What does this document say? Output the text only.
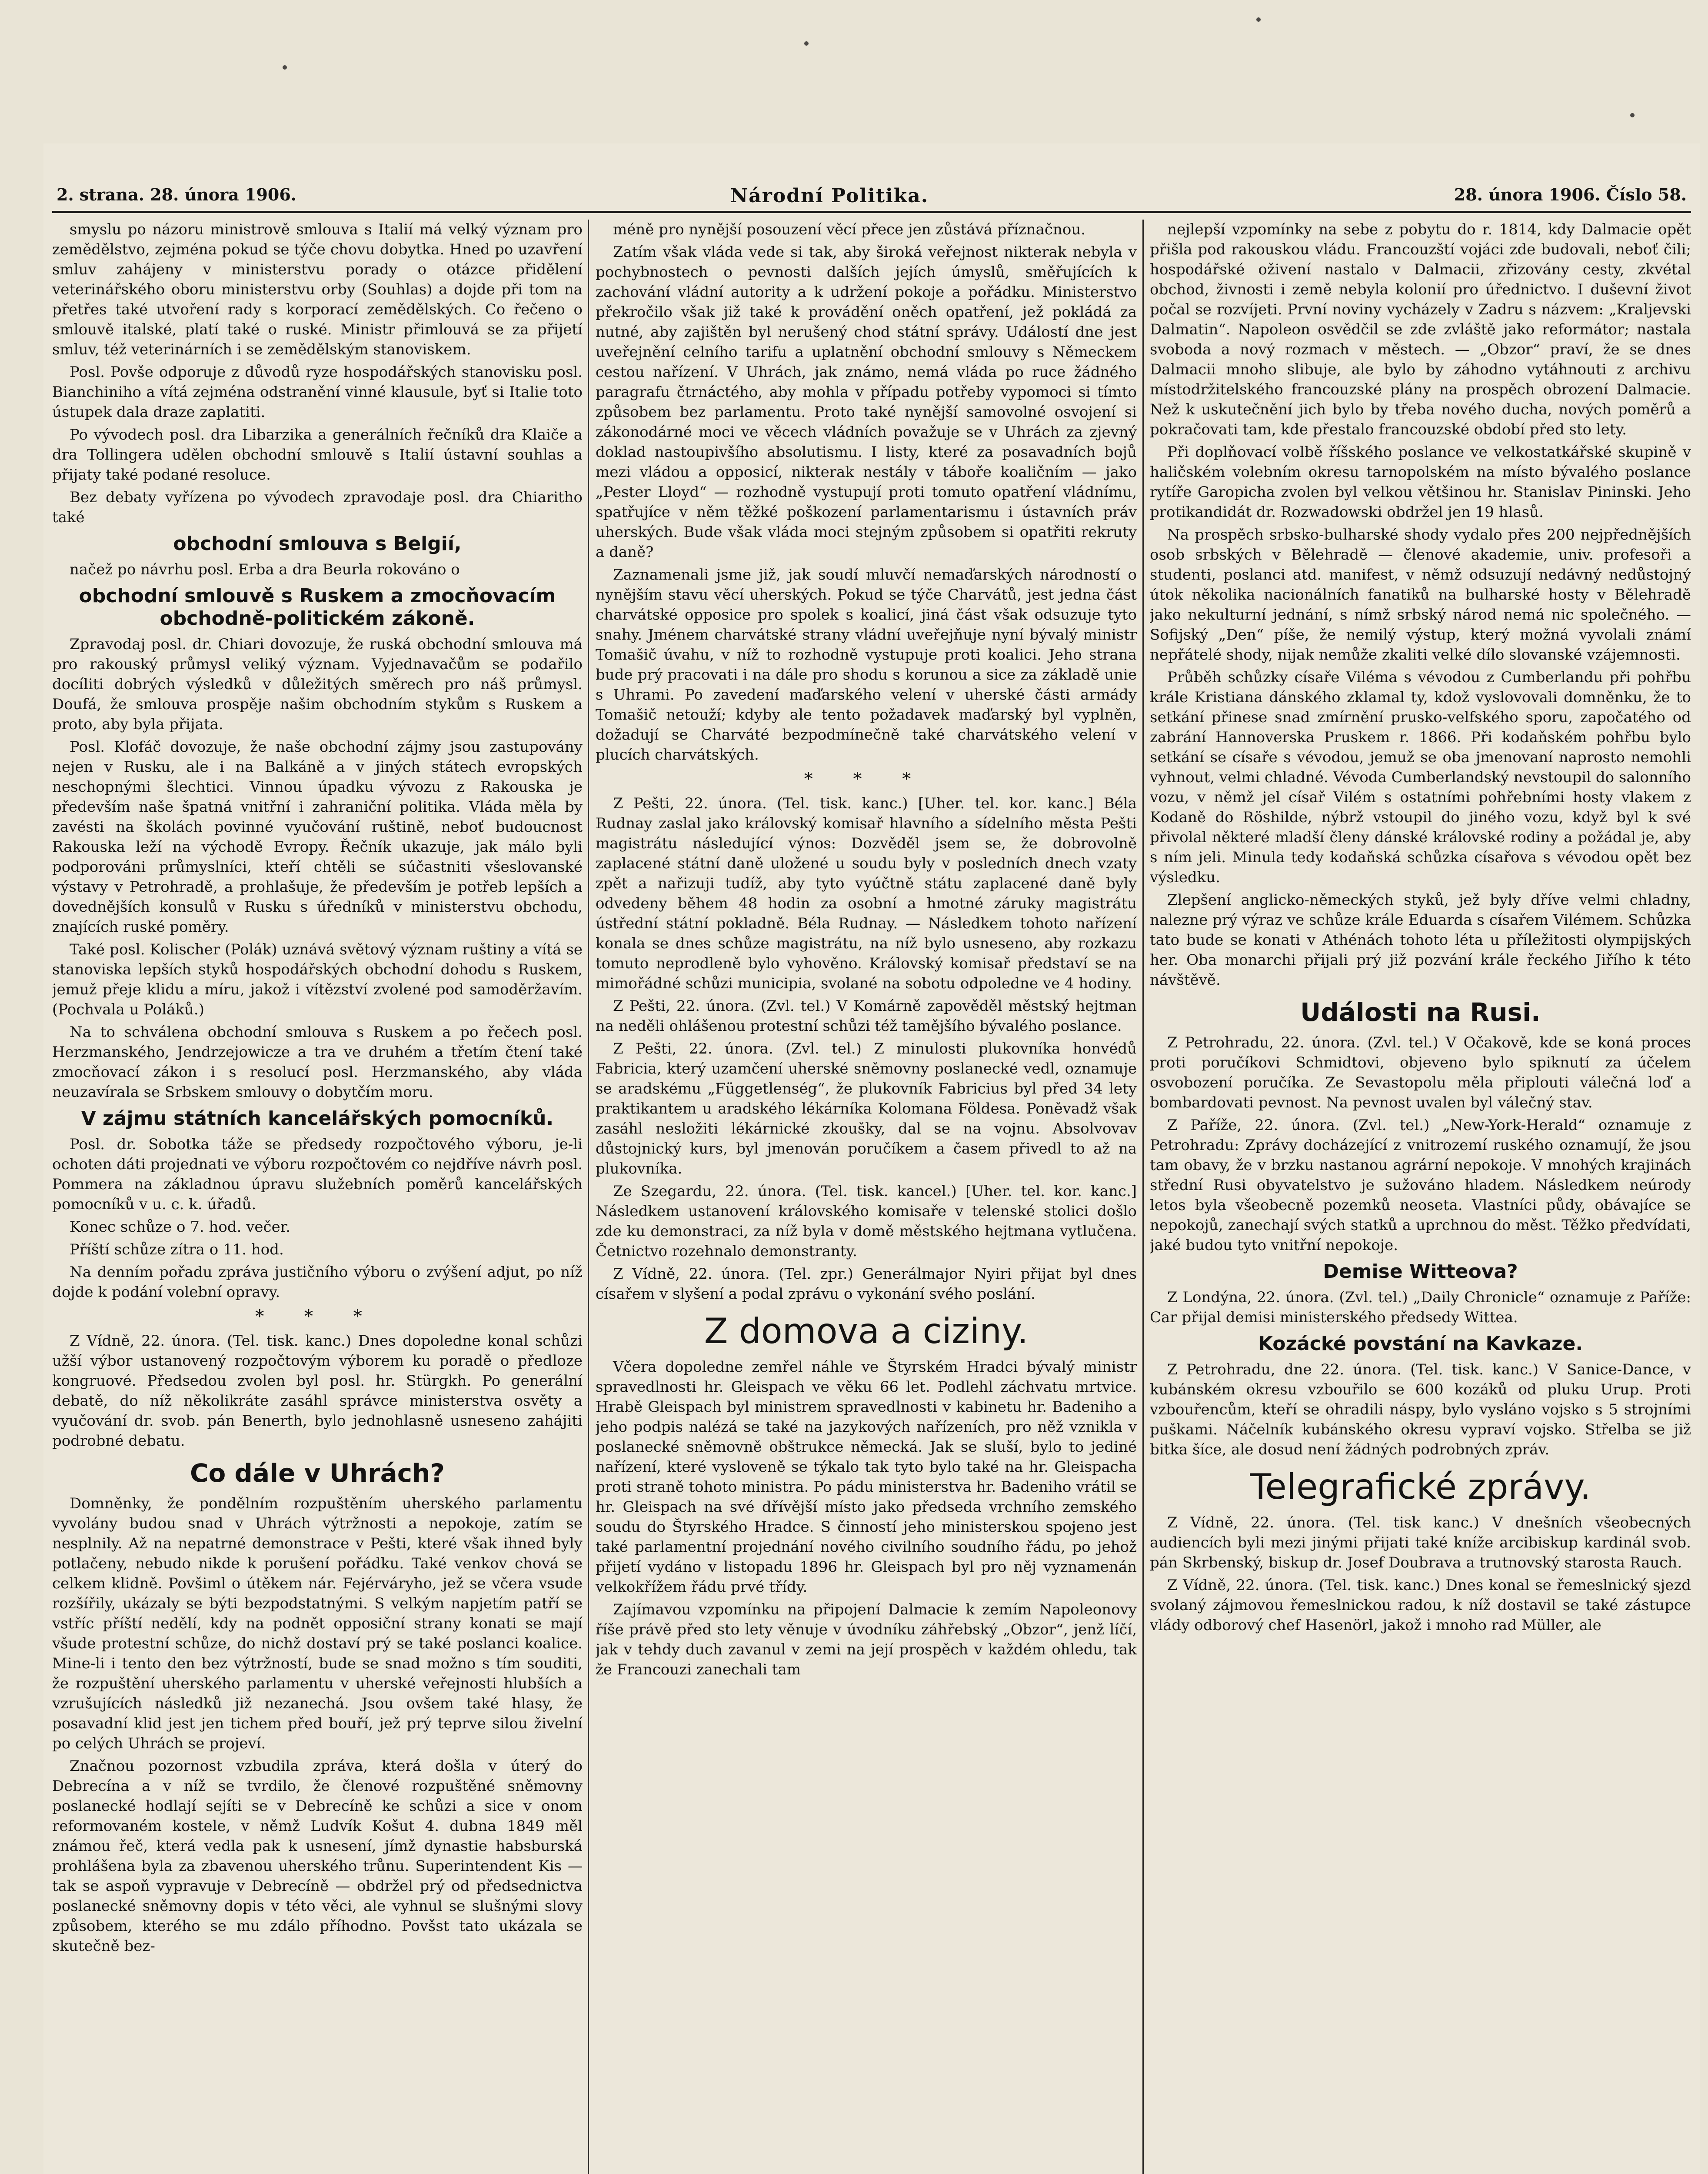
2. strana. 28. února 1906.	Národní Politika.	28. února 1906. Číslo 58.

smyslu po názoru ministrově smlouva s Italií má velký význam pro zemědělstvo, zejména pokud se týče chovu dobytka. Hned po uzavření smluv zahájeny v ministerstvu porady o otázce přidělení veterinářského oboru ministerstvu orby (Souhlas) a dojde při tom na přetřes také utvoření rady s korporací zemědělských. Co řečeno o smlouvě italské, platí také o ruské. Ministr přimlouvá se za přijetí smluv, též veterinárních i se zemědělským stanoviskem.

Posl. Povše odporuje z důvodů ryze hospodářských stanovisku posl. Bianchiniho a vítá zejména odstranění vinné klausule, byť si Italie toto ústupek dala draze zaplatiti.

Po vývodech posl. dra Libarzika a generálních řečníků dra Klaiče a dra Tollingera udělen obchodní smlouvě s Italií ústavní souhlas a přijaty také podané resoluce.

Bez debaty vyřízena po vývodech zpravodaje posl. dra Chiaritho také

obchodní smlouva s Belgií,

načež po návrhu posl. Erba a dra Beurla rokováno o

obchodní smlouvě s Ruskem a zmocňovacím obchodně-politickém zákoně.

Zpravodaj posl. dr. Chiari dovozuje, že ruská obchodní smlouva má pro rakouský průmysl veliký význam. Vyjednavačům se podařilo docíliti dobrých výsledků v důležitých směrech pro náš průmysl. Doufá, že smlouva prospěje našim obchodním stykům s Ruskem a proto, aby byla přijata.

Posl. Klofáč dovozuje, že naše obchodní zájmy jsou zastupovány nejen v Rusku, ale i na Balkáně a v jiných státech evropských neschopnými šlechtici. Vinnou úpadku vývozu z Rakouska je především naše špatná vnitřní i zahraniční politika. Vláda měla by zavésti na školách povinné vyučování ruštině, neboť budoucnost Rakouska leží na východě Evropy. Řečník ukazuje, jak málo byli podporováni průmyslníci, kteří chtěli se súčastniti všeslovanské výstavy v Petrohradě, a prohlašuje, že především je potřeb lepších a dovednějších konsulů v Rusku s úředníků v ministerstvu obchodu, znajících ruské poměry.

Také posl. Kolischer (Polák) uznává světový význam ruštiny a vítá se stanoviska lepších styků hospodářských obchodní dohodu s Ruskem, jemuž přeje klidu a míru, jakož i vítězství zvolené pod samoděržavím. (Pochvala u Poláků.)

Na to schválena obchodní smlouva s Ruskem a po řečech posl. Herzmanského, Jendrzejowicze a tra ve druhém a třetím čtení také zmocňovací zákon i s resolucí posl. Herzmanského, aby vláda neuzavírala se Srbskem smlouvy o dobytčím moru.

V zájmu státních kancelářských pomocníků.

Posl. dr. Sobotka táže se předsedy rozpočtového výboru, je-li ochoten dáti projednati ve výboru rozpočtovém co nejdříve návrh posl. Pommera na základnou úpravu služebních poměrů kancelářských pomocníků v u. c. k. úřadů.

Konec schůze o 7. hod. večer.

Příští schůze zítra o 11. hod.

Na denním pořadu zpráva justičního výboru o zvýšení adjut, po níž dojde k podání volební opravy.

* * *

Z Vídně, 22. února. (Tel. tisk. kanc.) Dnes dopoledne konal schůzi užší výbor ustanovený rozpočtovým výborem ku poradě o předloze kongruové. Předsedou zvolen byl posl. hr. Stürgkh. Po generální debatě, do níž několikráte zasáhl správce ministerstva osvěty a vyučování dr. svob. pán Benerth, bylo jednohlasně usneseno zahájiti podrobné debatu.

Co dále v Uhrách?

Domněnky, že pondělním rozpuštěním uherského parlamentu vyvolány budou snad v Uhrách výtržnosti a nepokoje, zatím se nesplnily. Až na nepatrné demonstrace v Pešti, které však ihned byly potlačeny, nebudo nikde k porušení pořádku. Také venkov chová se celkem klidně. Povšiml o útěkem nár. Fejérváryho, jež se včera vsude rozšířily, ukázaly se býti bezpodstatnými. S velkým napjetím patří se vstříc příští nedělí, kdy na podnět opposiční strany konati se mají všude protestní schůze, do nichž dostaví prý se také poslanci koalice. Mine-li i tento den bez výtržností, bude se snad možno s tím souditi, že rozpuštění uherského parlamentu v uherské veřejnosti hlubších a vzrušujících následků již nezanechá. Jsou ovšem také hlasy, že posavadní klid jest jen tichem před bouří, jež prý teprve silou živelní po celých Uhrách se projeví.

Značnou pozornost vzbudila zpráva, která došla v úterý do Debrecína a v níž se tvrdilo, že členové rozpuštěné sněmovny poslanecké hodlají sejíti se v Debrecíně ke schůzi a sice v onom reformovaném kostele, v němž Ludvík Košut 4. dubna 1849 měl známou řeč, která vedla pak k usnesení, jímž dynastie habsburská prohlášena byla za zbavenou uherského trůnu. Superintendent Kis — tak se aspoň vypravuje v Debrecíně — obdržel prý od předsednictva poslanecké sněmovny dopis v této věci, ale vyhnul se slušnými slovy způsobem, kterého se mu zdálo příhodno. Povšst tato ukázala se skutečně bez-

méně pro nynější posouzení věcí přece jen zůstává příznačnou.

Zatím však vláda vede si tak, aby široká veřejnost nikterak nebyla v pochybnostech o pevnosti dalších jejích úmyslů, směřujících k zachování vládní autority a k udržení pokoje a pořádku. Ministerstvo překročilo však již také k provádění oněch opatření, jež pokládá za nutné, aby zajištěn byl nerušený chod státní správy. Událostí dne jest uveřejnění celního tarifu a uplatnění obchodní smlouvy s Německem cestou nařízení. V Uhrách, jak známo, nemá vláda po ruce žádného paragrafu čtrnáctého, aby mohla v případu potřeby vypomoci si tímto způsobem bez parlamentu. Proto také nynější samovolné osvojení si zákonodárné moci ve věcech vládních považuje se v Uhrách za zjevný doklad nastoupivšího absolutismu. I listy, které za posavadních bojů mezi vládou a opposicí, nikterak nestály v táboře koaličním — jako „Pester Lloyd“ — rozhodně vystupují proti tomuto opatření vládnímu, spatřujíce v něm těžké poškození parlamentarismu i ústavních práv uherských. Bude však vláda moci stejným způsobem si opatřiti rekruty a daně?

Zaznamenali jsme již, jak soudí mluvčí nemaďarských národností o nynějším stavu věcí uherských. Pokud se týče Charvátů, jest jedna část charvátské opposice pro spolek s koalicí, jiná část však odsuzuje tyto snahy. Jménem charvátské strany vládní uveřejňuje nyní bývalý ministr Tomašič úvahu, v níž to rozhodně vystupuje proti koalici. Jeho strana bude prý pracovati i na dále pro shodu s korunou a sice za základě unie s Uhrami. Po zavedení maďarského velení v uherské části armády Tomašič netouží; kdyby ale tento požadavek maďarský byl vyplněn, dožadují se Charváté bezpodmínečně také charvátského velení v plucích charvátských.

* * *

Z Pešti, 22. února. (Tel. tisk. kanc.) [Uher. tel. kor. kanc.] Béla Rudnay zaslal jako královský komisař hlavního a sídelního města Pešti magistrátu následující výnos: Dozvěděl jsem se, že dobrovolně zaplacené státní daně uložené u soudu byly v posledních dnech vzaty zpět a nařizuji tudíž, aby tyto vyúčtně státu zaplacené daně byly odvedeny během 48 hodin za osobní a hmotné záruky magistrátu ústřední státní pokladně. Béla Rudnay. — Následkem tohoto nařízení konala se dnes schůze magistrátu, na níž bylo usneseno, aby rozkazu tomuto neprodleně bylo vyhověno. Královský komisař představí se na mimořádné schůzi municipia, svolané na sobotu odpoledne ve 4 hodiny.

Z Pešti, 22. února. (Zvl. tel.) V Komárně zapověděl městský hejtman na neděli ohlášenou protestní schůzi též tamějšího bývalého poslance.

Z Pešti, 22. února. (Zvl. tel.) Z minulosti plukovníka honvédů Fabricia, který uzamčení uherské sněmovny poslanecké vedl, oznamuje se aradskému „Függetlenség“, že plukovník Fabricius byl před 34 lety praktikantem u aradského lékárníka Kolomana Földesa. Poněvadž však zasáhl nesložiti lékárnické zkoušky, dal se na vojnu. Absolvovav důstojnický kurs, byl jmenován poručíkem a časem přivedl to až na plukovníka.

Ze Szegardu, 22. února. (Tel. tisk. kancel.) [Uher. tel. kor. kanc.] Následkem ustanovení královského komisaře v telenské stolici došlo zde ku demonstraci, za níž byla v domě městského hejtmana vytlučena. Četnictvo rozehnalo demonstranty.

Z Vídně, 22. února. (Tel. zpr.) Generálmajor Nyiri přijat byl dnes císařem v slyšení a podal zprávu o vykonání svého poslání.

Z domova a ciziny.

Včera dopoledne zemřel náhle ve Štyrském Hradci bývalý ministr spravedlnosti hr. Gleispach ve věku 66 let. Podlehl záchvatu mrtvice. Hrabě Gleispach byl ministrem spravedlnosti v kabinetu hr. Badeniho a jeho podpis nalézá se také na jazykových nařízeních, pro něž vznikla v poslanecké sněmovně obštrukce německá. Jak se sluší, bylo to jediné nařízení, které vysloveně se týkalo tak tyto bylo také na hr. Gleispacha proti straně tohoto ministra. Po pádu ministerstva hr. Badeniho vrátil se hr. Gleispach na své dřívější místo jako předseda vrchního zemského soudu do Štyrského Hradce. S činností jeho ministerskou spojeno jest také parlamentní projednání nového civilního soudního řádu, po jehož přijetí vydáno v listopadu 1896 hr. Gleispach byl pro něj vyznamenán velkokřížem řádu prvé třídy.

Zajímavou vzpomínku na připojení Dalmacie k zemím Napoleonovy říše právě před sto lety věnuje v úvodníku záhřebský „Obzor“, jenž líčí, jak v tehdy duch zavanul v zemi na její prospěch v každém ohledu, tak že Francouzi zanechali tam

nejlepší vzpomínky na sebe z pobytu do r. 1814, kdy Dalmacie opět přišla pod rakouskou vládu. Francouzští vojáci zde budovali, neboť čili; hospodářské oživení nastalo v Dalmacii, zřizovány cesty, zkvétal obchod, živnosti i země nebyla kolonií pro úřednictvo. I duševní život počal se rozvíjeti. První noviny vycházely v Zadru s názvem: „Kraljevski Dalmatin“. Napoleon osvědčil se zde zvláště jako reformátor; nastala svoboda a nový rozmach v městech. — „Obzor“ praví, že se dnes Dalmacii mnoho slibuje, ale bylo by záhodno vytáhnouti z archivu místodržitelského francouzské plány na prospěch obrození Dalmacie. Než k uskutečnění jich bylo by třeba nového ducha, nových poměrů a pokračovati tam, kde přestalo francouzské období před sto lety.

Při doplňovací volbě říšského poslance ve velkostatkářské skupině v haličském volebním okresu tarnopolském na místo bývalého poslance rytíře Garopicha zvolen byl velkou většinou hr. Stanislav Pininski. Jeho protikandidát dr. Rozwadowski obdržel jen 19 hlasů.

Na prospěch srbsko-bulharské shody vydalo přes 200 nejpřednějších osob srbských v Bělehradě — členové akademie, univ. profesoři a studenti, poslanci atd. manifest, v němž odsuzují nedávný nedůstojný útok několika nacionálních fanatiků na bulharské hosty v Bělehradě jako nekulturní jednání, s nímž srbský národ nemá nic společného. — Sofijský „Den“ píše, že nemilý výstup, který možná vyvolali známí nepřátelé shody, nijak nemůže zkaliti velké dílo slovanské vzájemnosti.

Průběh schůzky císaře Viléma s vévodou z Cumberlandu při pohřbu krále Kristiana dánského zklamal ty, kdož vyslovovali domněnku, že to setkání přinese snad zmírnění prusko-velfského sporu, započatého od zabrání Hannoverska Pruskem r. 1866. Při kodaňském pohřbu bylo setkání se císaře s vévodou, jemuž se oba jmenovaní naprosto nemohli vyhnout, velmi chladné. Vévoda Cumberlandský nevstoupil do salonního vozu, v němž jel císař Vilém s ostatními pohřebními hosty vlakem z Kodaně do Röshilde, nýbrž vstoupil do jiného vozu, když byl k své přivolal některé mladší členy dánské královské rodiny a požádal je, aby s ním jeli. Minula tedy kodaňská schůzka císařova s vévodou opět bez výsledku.

Zlepšení anglicko-německých styků, jež byly dříve velmi chladny, nalezne prý výraz ve schůze krále Eduarda s císařem Vilémem. Schůzka tato bude se konati v Athénách tohoto léta u příležitosti olympijských her. Oba monarchi přijali prý již pozvání krále řeckého Jiřího k této návštěvě.

Události na Rusi.

Z Petrohradu, 22. února. (Zvl. tel.) V Očakově, kde se koná proces proti poručíkovi Schmidtovi, objeveno bylo spiknutí za účelem osvobození poručíka. Ze Sevastopolu měla připlouti válečná loď a bombardovati pevnost. Na pevnost uvalen byl válečný stav.

Z Paříže, 22. února. (Zvl. tel.) „New-York-Herald“ oznamuje z Petrohradu: Zprávy docházející z vnitrozemí ruského oznamují, že jsou tam obavy, že v brzku nastanou agrární nepokoje. V mnohých krajinách střední Rusi obyvatelstvo je sužováno hladem. Následkem neúrody letos byla všeobecně pozemků neoseta. Vlastníci půdy, obávajíce se nepokojů, zanechají svých statků a uprchnou do měst. Těžko předvídati, jaké budou tyto vnitřní nepokoje.

Demise Witteova?

Z Londýna, 22. února. (Zvl. tel.) „Daily Chronicle“ oznamuje z Paříže: Car přijal demisi ministerského předsedy Wittea.

Kozácké povstání na Kavkaze.

Z Petrohradu, dne 22. února. (Tel. tisk. kanc.) V Sanice-Dance, v kubánském okresu vzbouřilo se 600 kozáků od pluku Urup. Proti vzbouřencům, kteří se ohradili náspy, bylo vysláno vojsko s 5 strojními puškami. Náčelník kubánského okresu vypraví vojsko. Střelba se již bitka šíce, ale dosud není žádných podrobných zpráv.

Telegrafické zprávy.

Z Vídně, 22. února. (Tel. tisk kanc.) V dnešních všeobecných audiencích byli mezi jinými přijati také kníže arcibiskup kardinál svob. pán Skrbenský, biskup dr. Josef Doubrava a trutnovský starosta Rauch.

Z Vídně, 22. února. (Tel. tisk. kanc.) Dnes konal se řemeslnický sjezd svolaný zájmovou řemeslnickou radou, k níž dostavil se také zástupce vlády odborový chef Hasenörl, jakož i mnoho rad Müller, ale
